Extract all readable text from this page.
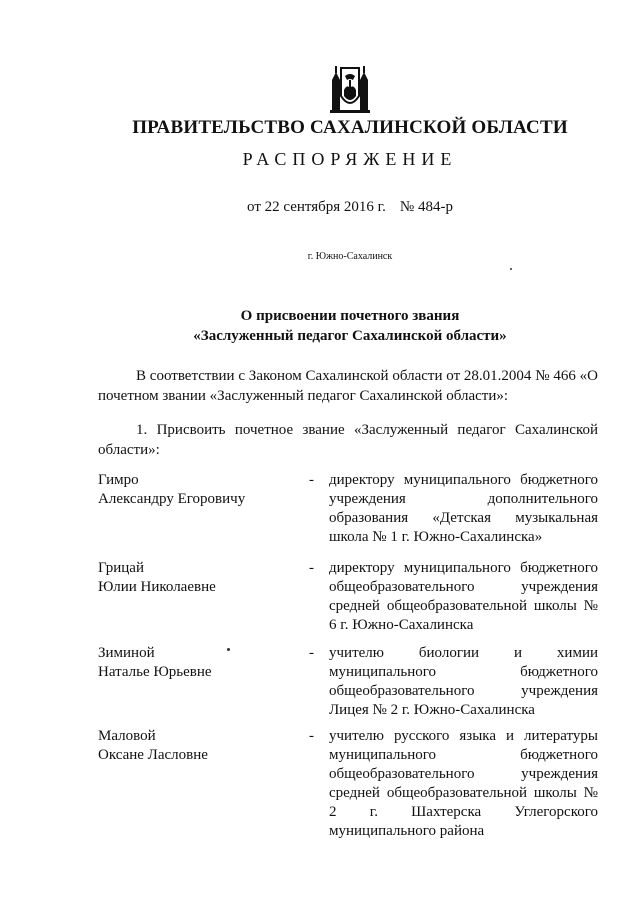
ПРАВИТЕЛЬСТВО САХАЛИНСКОЙ ОБЛАСТИ
РАСПОРЯЖЕНИЕ
от 22 сентября 2016 г. № 484-р
г. Южно-Сахалинск
О присвоении почетного звания
«Заслуженный педагог Сахалинской области»
В соответствии с Законом Сахалинской области от 28.01.2004 № 466 «О почетном звании «Заслуженный педагог Сахалинской области»:
1. Присвоить почетное звание «Заслуженный педагог Сахалинской области»:
Гимро
Александру Егоровичу
- директору муниципального бюджетного учреждения дополнительного образования «Детская музыкальная школа № 1 г. Южно-Сахалинска»
Грицай
Юлии Николаевне
- директору муниципального бюджетного общеобразовательного учреждения средней общеобразовательной школы № 6 г. Южно-Сахалинска
Зиминой
Наталье Юрьевне
- учителю биологии и химии муниципального бюджетного общеобразовательного учреждения Лицея № 2 г. Южно-Сахалинска
Маловой
Оксане Ласловне
- учителю русского языка и литературы муниципального бюджетного общеобразовательного учреждения средней общеобразовательной школы № 2 г. Шахтерска Углегорского муниципального района
